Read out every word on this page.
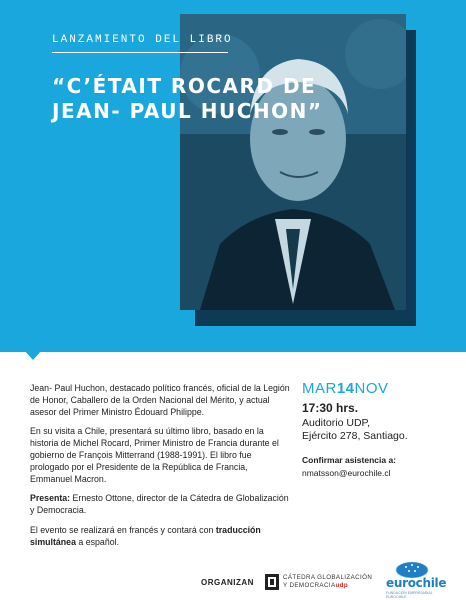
LANZAMIENTO DEL LIBRO
“C’ÉTAIT ROCARD DE
JEAN- PAUL HUCHON”

Jean- Paul Huchon, destacado político francés, oficial de la Legión de Honor, Caballero de la Orden Nacional del Mérito, y actual asesor del Primer Ministro Édouard Philippe.

En su visita a Chile, presentará su último libro, basado en la historia de Michel Rocard, Primer Ministro de Francia durante el gobierno de François Mitterrand (1988-1991). El libro fue prologado por el Presidente de la República de Francia, Emmanuel Macron.

Presenta: Ernesto Ottone, director de la Cátedra de Globalización y Democracia.

El evento se realizará en francés y contará con traducción simultánea a español.

MAR14NOV
17:30 hrs.
Auditorio UDP,
Ejército 278, Santiago.
Confirmar asistencia a:
nmatsson@eurochile.cl
ORGANIZAN
CÁTEDRA GLOBALIZACIÓN
Y DEMOCRACIAudp	eurochile
FUNDACIÓN EMPRESARIAL EUROCHILE
